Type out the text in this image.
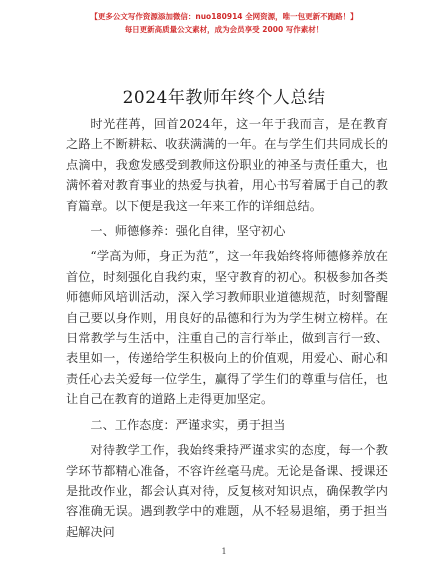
【更多公文写作资源添加微信：nuo180914 全网资源，唯一包更新不跑路！】
每日更新高质量公文素材，成为会员享受 2000 写作素材！
2024年教师年终个人总结

时光荏苒，回首2024年，这一年于我而言，是在教育之路上不断耕耘、收获满满的一年。在与学生们共同成长的点滴中，我愈发感受到教师这份职业的神圣与责任重大，也满怀着对教育事业的热爱与执着，用心书写着属于自己的教育篇章。以下便是我这一年来工作的详细总结。

一、师德修养：强化自律，坚守初心

“学高为师，身正为范”，这一年我始终将师德修养放在首位，时刻强化自我约束，坚守教育的初心。积极参加各类师德师风培训活动，深入学习教师职业道德规范，时刻警醒自己要以身作则，用良好的品德和行为为学生树立榜样。在日常教学与生活中，注重自己的言行举止，做到言行一致、表里如一，传递给学生积极向上的价值观，用爱心、耐心和责任心去关爱每一位学生，赢得了学生们的尊重与信任，也让自己在教育的道路上走得更加坚定。

二、工作态度：严谨求实，勇于担当

对待教学工作，我始终秉持严谨求实的态度，每一个教学环节都精心准备，不容许丝毫马虎。无论是备课、授课还是批改作业，都会认真对待，反复核对知识点，确保教学内容准确无误。遇到教学中的难题，从不轻易退缩，勇于担当起解决问

1
